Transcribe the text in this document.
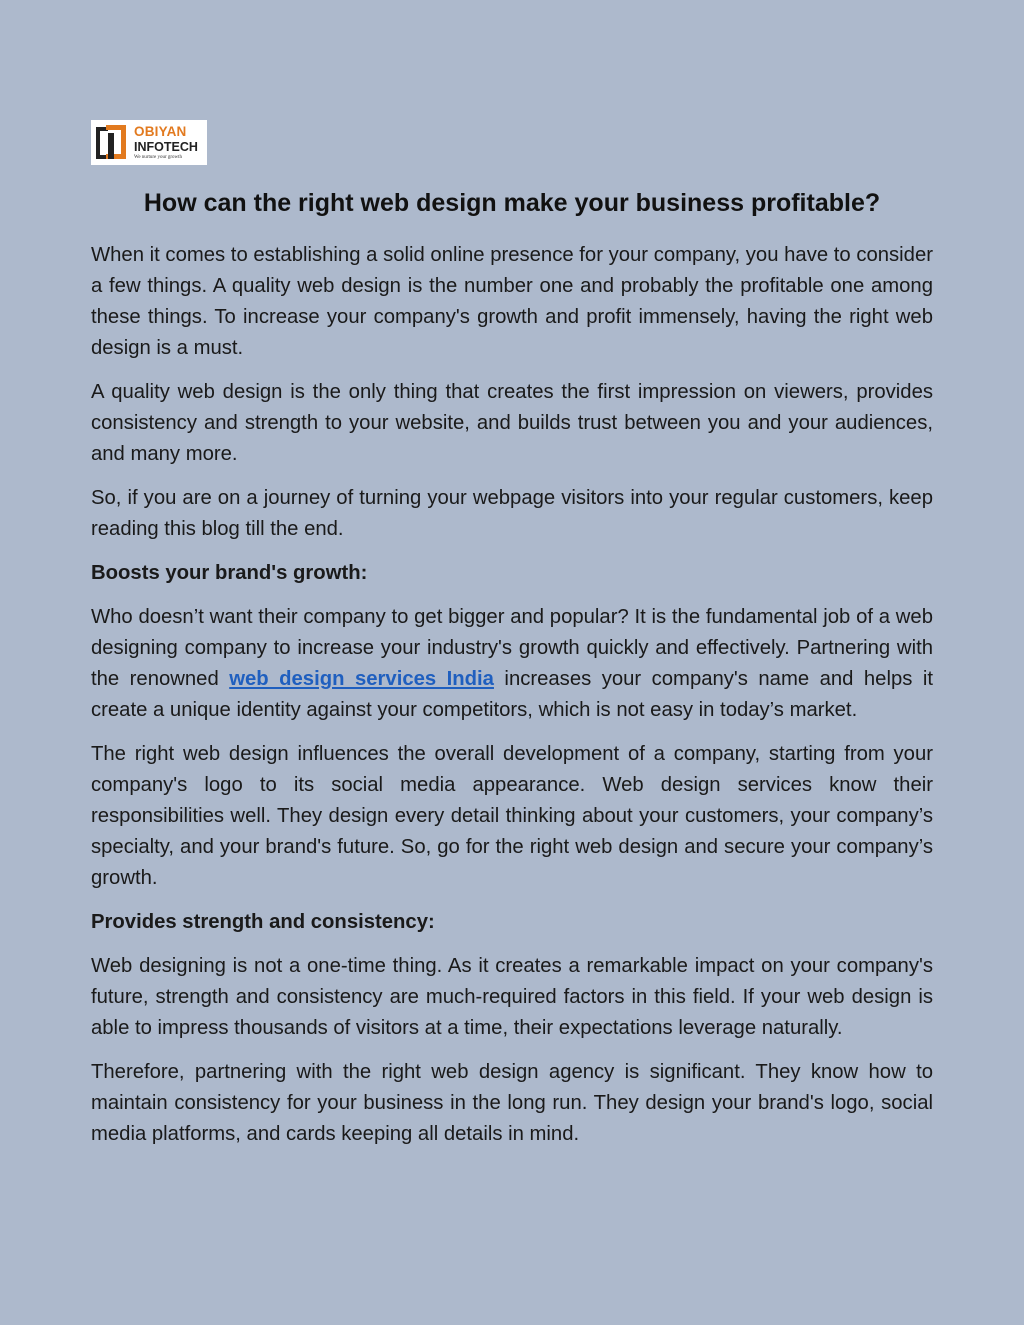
OBIYAN
INFOTECH
We nurture your growth
How can the right web design make your business profitable?

When it comes to establishing a solid online presence for your company, you have to consider a few things. A quality web design is the number one and probably the profitable one among these things. To increase your company's growth and profit immensely, having the right web design is a must.

A quality web design is the only thing that creates the first impression on viewers, provides consistency and strength to your website, and builds trust between you and your audiences, and many more.

So, if you are on a journey of turning your webpage visitors into your regular customers, keep reading this blog till the end.

Boosts your brand's growth:

Who doesn’t want their company to get bigger and popular? It is the fundamental job of a web designing company to increase your industry's growth quickly and effectively. Partnering with the renowned web design services India increases your company's name and helps it create a unique identity against your competitors, which is not easy in today’s market.

The right web design influences the overall development of a company, starting from your company's logo to its social media appearance. Web design services know their responsibilities well. They design every detail thinking about your customers, your company’s specialty, and your brand's future. So, go for the right web design and secure your company’s growth.

Provides strength and consistency:

Web designing is not a one-time thing. As it creates a remarkable impact on your company's future, strength and consistency are much-required factors in this field. If your web design is able to impress thousands of visitors at a time, their expectations leverage naturally.

Therefore, partnering with the right web design agency is significant. They know how to maintain consistency for your business in the long run. They design your brand's logo, social media platforms, and cards keeping all details in mind.
